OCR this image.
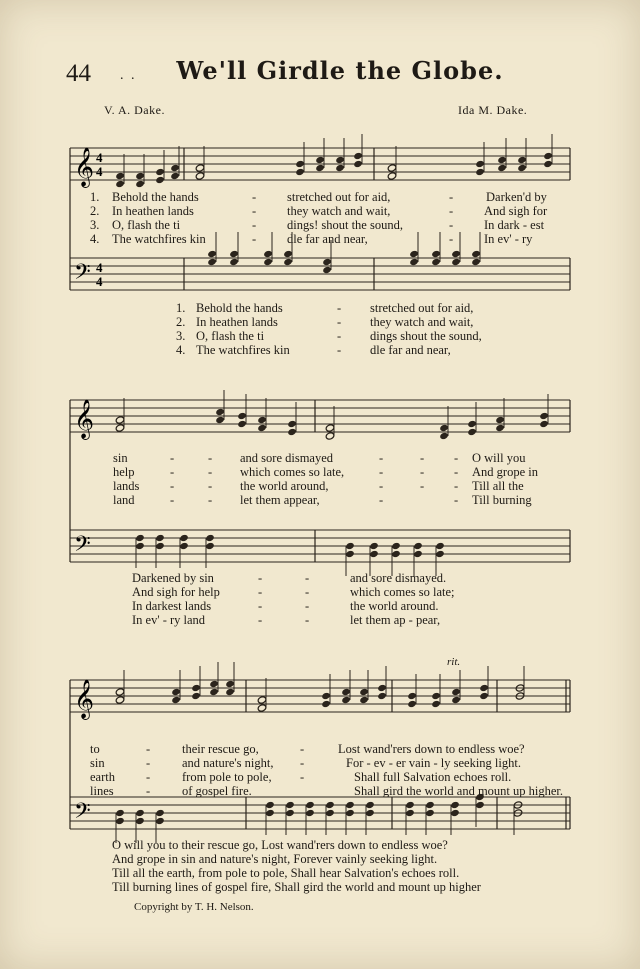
44 . .	We'll Girdle the Globe.
V. A. Dake.	Ida M. Dake.
𝄞 4
4
𝄢 4
4
𝄞
𝄢
𝄞
𝄢
1. Behold the hands	- stretched out for aid,	-	Darken'd by
2. In heathen lands	- they watch and wait,	- And sigh for
3. O, flash the ti	- dings! shout the sound,	- In dark - est
4. The watchfires kin	- dle far and near,	- In ev' - ry
1. Behold the hands	- stretched out for aid,
2. In heathen lands	- they watch and wait,
3. O, flash the ti	- dings shout the sound,
4. The watchfires kin	- dle far and near,
sin	-	- and sore dismayed	-	- - O will you
help	-	- which comes so late,	-	- - And grope in
lands -	- the world around,	-	- - Till all the
land	-	- let them appear,	-	- Till burning
Darkened by sin	-	-	and sore dismayed.
And sigh for help	-	-	which comes so late;
In darkest lands	-	-	the world around.
In ev' - ry land	-	-	let them ap - pear,
to	-	their rescue go,	-	Lost wand'rers down to endless woe?
sin	-	and nature's night, -	For - ev - er vain - ly seeking light.
earth -	from pole to pole, -	Shall full Salvation echoes roll.
lines	-	of gospel fire.	Shall gird the world and mount up higher.
O will you to their rescue go, Lost wand'rers down to endless woe?
And grope in sin and nature's night, Forever vainly seeking light.
Till all the earth, from pole to pole, Shall hear Salvation's echoes roll.
Till burning lines of gospel fire, Shall gird the world and mount up higher
rit.
Copyright by T. H. Nelson.
